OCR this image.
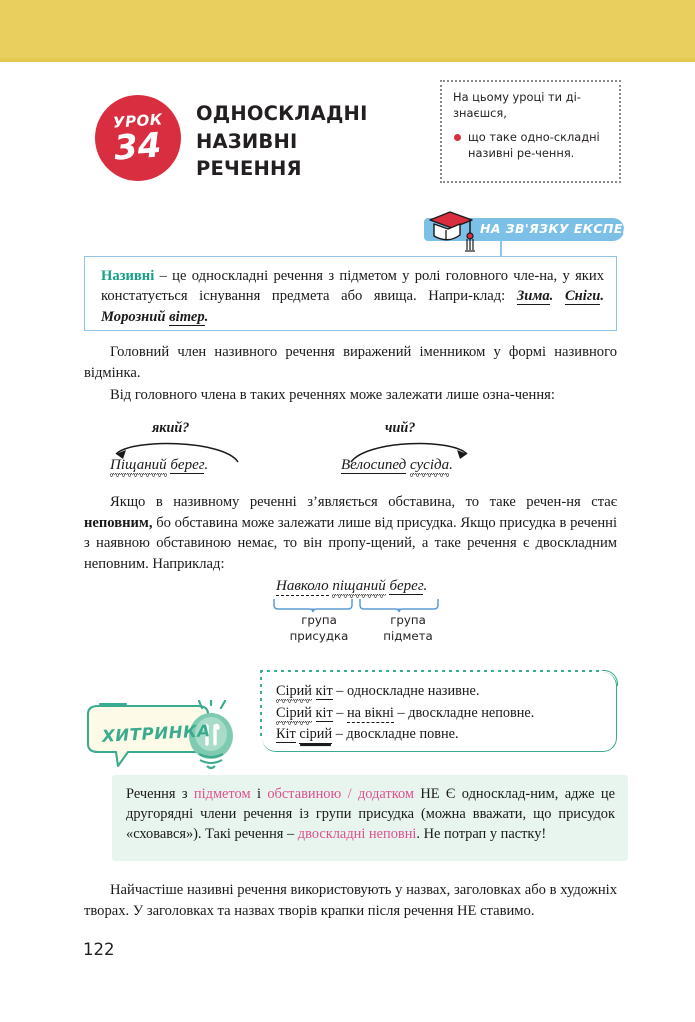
УРОК
34
ОДНОСКЛАДНІ
НАЗИВНІ
РЕЧЕННЯ
На цьому уроці ти ді-знаєшся,
що таке одно-складні називні ре-чення.
НА ЗВ'ЯЗКУ ЕКСПЕРТ
Називні – це односкладні речення з підметом у ролі головного чле-на, у яких констатується існування предмета або явища. Напри-клад: Зима. Сніги. Морозний вітер.
Головний член називного речення виражений іменником у формі називного відмінка.
Від головного члена в таких реченнях може залежати лише озна-чення:
який?
Піщаний берег.
чий?
Велосипед сусіда.
Якщо в називному реченні з’являється обставина, то таке речен-ня стає неповним, бо обставина може залежати лише від присудка. Якщо присудка в реченні з наявною обставиною немає, то він пропу-щений, а таке речення є двоскладним неповним. Наприклад:
Навколо піщаний берег.
група
присудка
група
підмета
Сірий кіт – односкладне називне.
Сірий кіт – на вікні – двоскладне неповне.
Кіт сірий – двоскладне повне.
ХИТРИНКА
Речення з підметом і обставиною / додатком НЕ Є односклад-ним, адже це другорядні члени речення із групи присудка (можна вважати, що присудок «сховався»). Такі речення – двоскладні неповні. Не потрап у пастку!
Найчастіше називні речення використовують у назвах, заголовках або в художніх творах. У заголовках та назвах творів крапки після речення НЕ ставимо.
122
